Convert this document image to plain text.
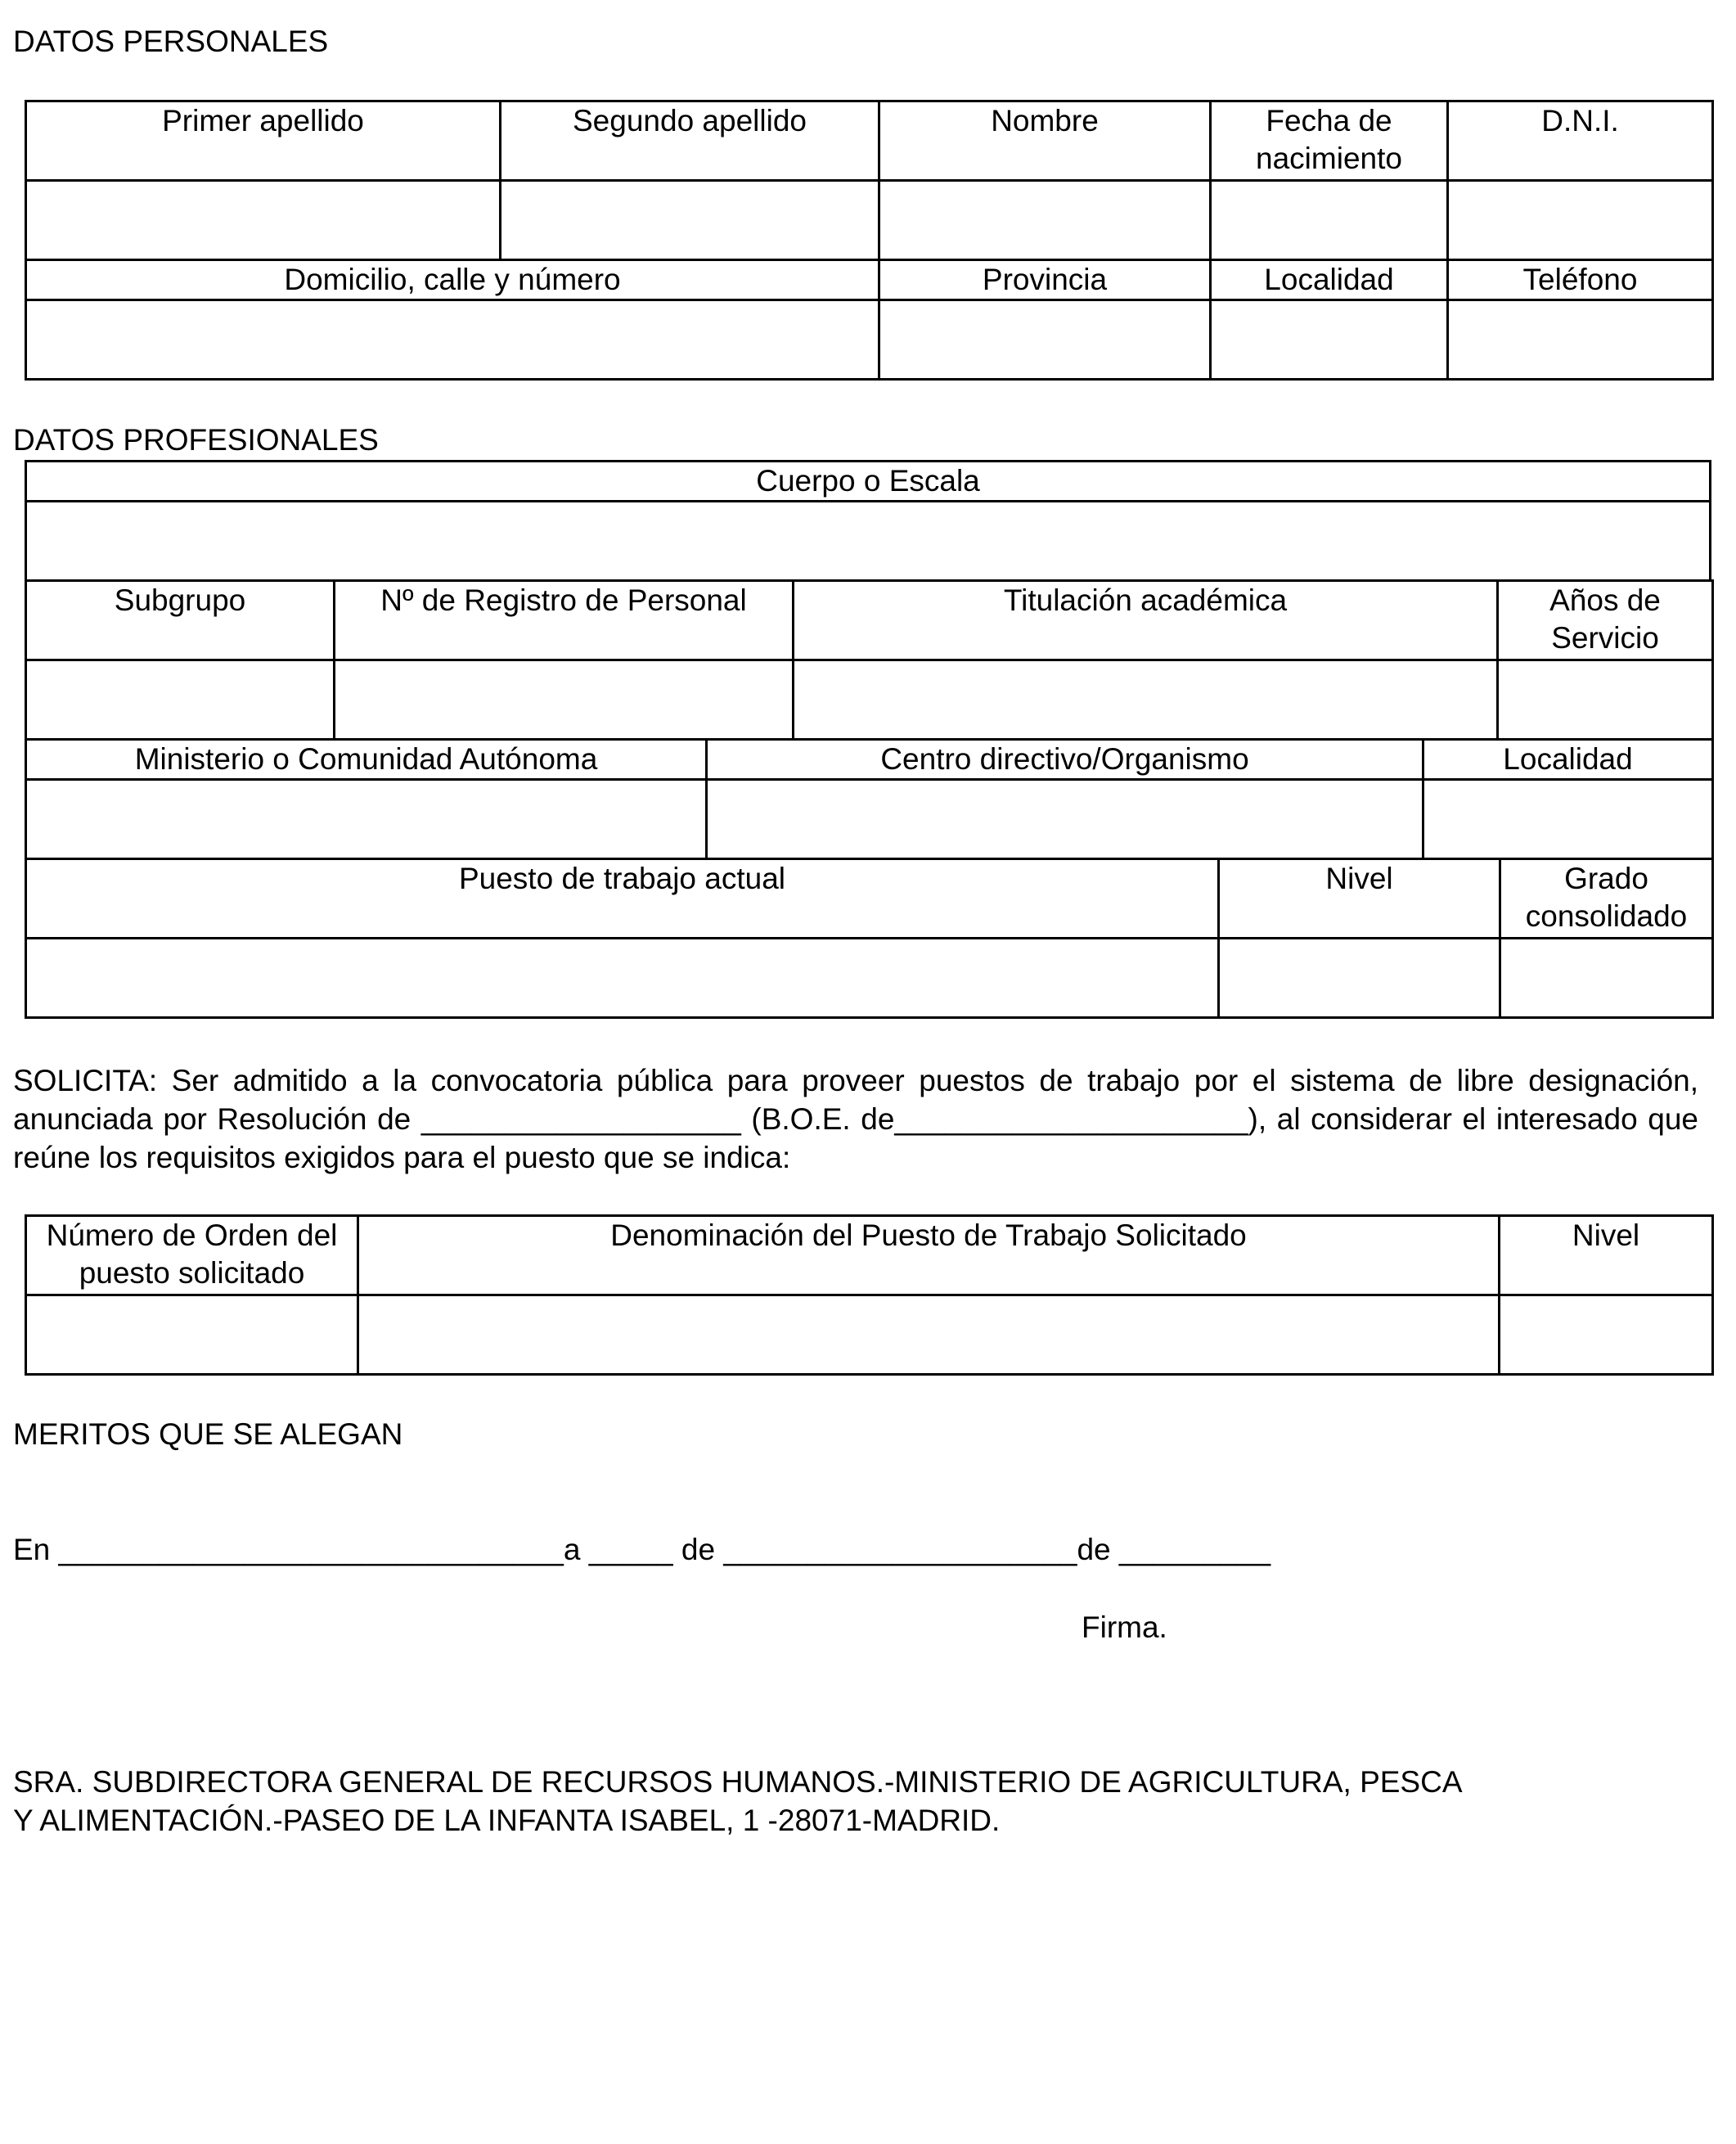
DATOS PERSONALES
Primer apellido	Segundo apellido	Nombre	Fecha de nacimiento	D.N.I.

Domicilio, calle y número		Provincia	Localidad	Teléfono

DATOS PROFESIONALES
Cuerpo o Escala

Subgrupo	Nº de Registro de Personal	Titulación académica	Años de Servicio

Ministerio o Comunidad Autónoma	Centro directivo/Organismo	Localidad

Puesto de trabajo actual	Nivel	Grado consolidado

SOLICITA: Ser admitido a la convocatoria pública para proveer puestos de trabajo por el sistema de libre designación, anunciada por Resolución de ___________________ (B.O.E. de_____________________), al considerar el interesado que reúne los requisitos exigidos para el puesto que se indica:

Número de Orden del puesto solicitado	Denominación del Puesto de Trabajo Solicitado	Nivel

MERITOS QUE SE ALEGAN

En ______________________________a _____ de _____________________de _________

Firma.

SRA. SUBDIRECTORA GENERAL DE RECURSOS HUMANOS.-MINISTERIO DE AGRICULTURA, PESCA

Y ALIMENTACIÓN.-PASEO DE LA INFANTA ISABEL, 1 -28071-MADRID.
